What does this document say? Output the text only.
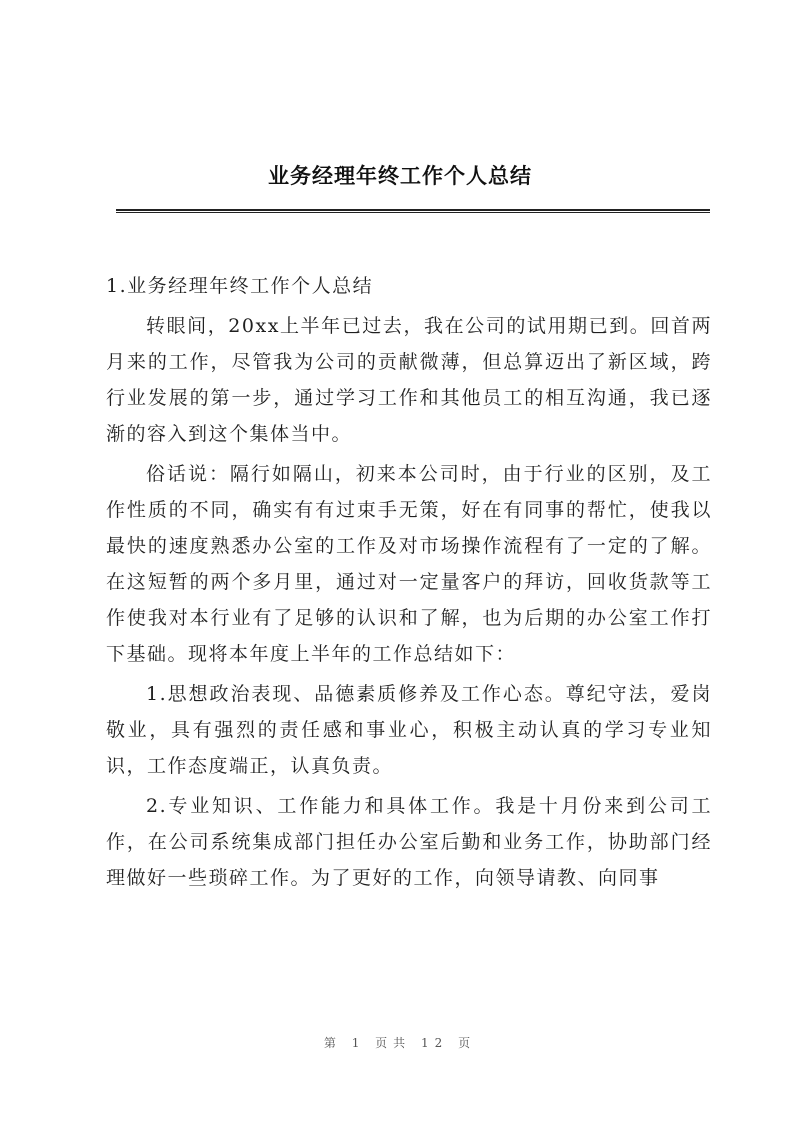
业务经理年终工作个人总结

1.业务经理年终工作个人总结

转眼间，20xx上半年已过去，我在公司的试用期已到。回首两月来的工作，尽管我为公司的贡献微薄，但总算迈出了新区域，跨行业发展的第一步，通过学习工作和其他员工的相互沟通，我已逐渐的容入到这个集体当中。

俗话说：隔行如隔山，初来本公司时，由于行业的区别，及工作性质的不同，确实有有过束手无策，好在有同事的帮忙，使我以最快的速度熟悉办公室的工作及对市场操作流程有了一定的了解。在这短暂的两个多月里，通过对一定量客户的拜访，回收货款等工作使我对本行业有了足够的认识和了解，也为后期的办公室工作打下基础。现将本年度上半年的工作总结如下：

1.思想政治表现、品德素质修养及工作心态。尊纪守法，爱岗敬业，具有强烈的责任感和事业心，积极主动认真的学习专业知识，工作态度端正，认真负责。

2.专业知识、工作能力和具体工作。我是十月份来到公司工作，在公司系统集成部门担任办公室后勤和业务工作，协助部门经理做好一些琐碎工作。为了更好的工作，向领导请教、向同事

第 1 页共 12 页
